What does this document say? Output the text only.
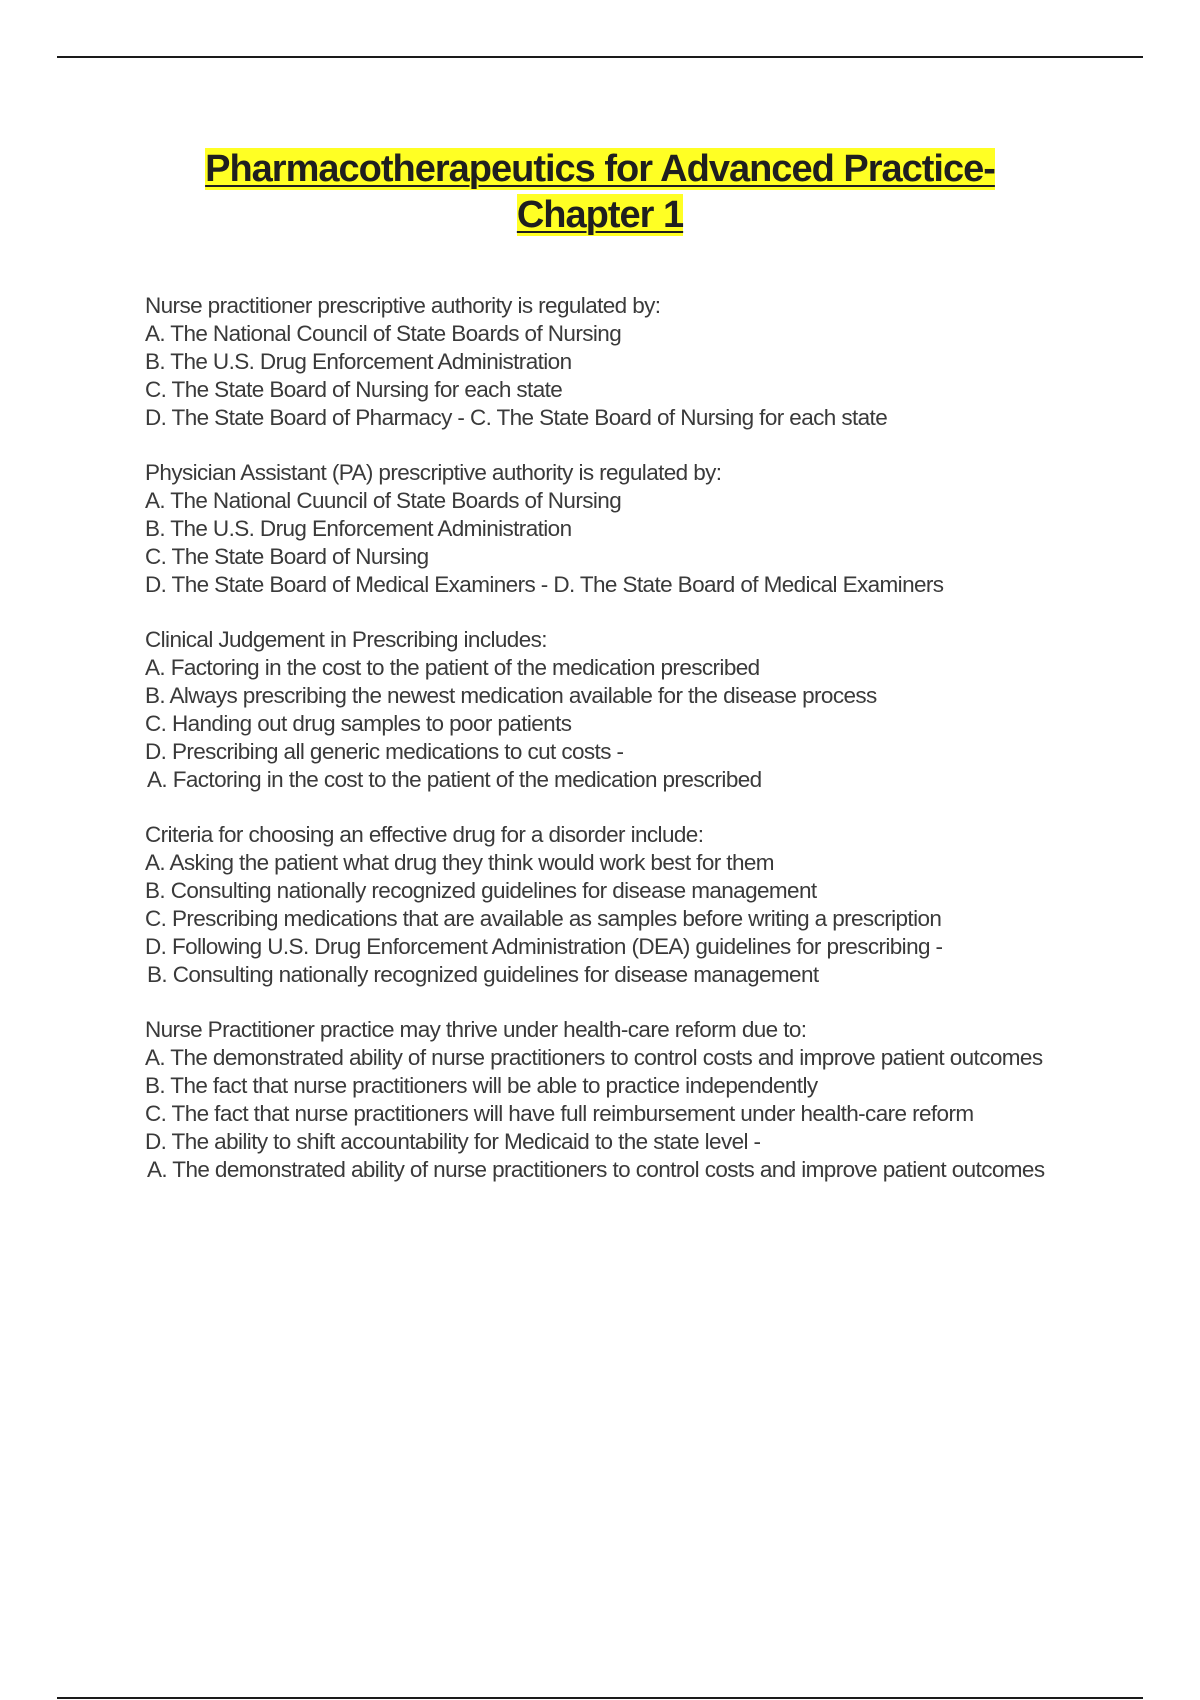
Pharmacotherapeutics for Advanced Practice-
Chapter 1
Nurse practitioner prescriptive authority is regulated by:
A. The National Council of State Boards of Nursing
B. The U.S. Drug Enforcement Administration
C. The State Board of Nursing for each state
D. The State Board of Pharmacy - C. The State Board of Nursing for each state
Physician Assistant (PA) prescriptive authority is regulated by:
A. The National Cuuncil of State Boards of Nursing
B. The U.S. Drug Enforcement Administration
C. The State Board of Nursing
D. The State Board of Medical Examiners - D. The State Board of Medical Examiners
Clinical Judgement in Prescribing includes:
A. Factoring in the cost to the patient of the medication prescribed
B. Always prescribing the newest medication available for the disease process
C. Handing out drug samples to poor patients
D. Prescribing all generic medications to cut costs -
A. Factoring in the cost to the patient of the medication prescribed
Criteria for choosing an effective drug for a disorder include:
A. Asking the patient what drug they think would work best for them
B. Consulting nationally recognized guidelines for disease management
C. Prescribing medications that are available as samples before writing a prescription
D. Following U.S. Drug Enforcement Administration (DEA) guidelines for prescribing -
B. Consulting nationally recognized guidelines for disease management
Nurse Practitioner practice may thrive under health-care reform due to:
A. The demonstrated ability of nurse practitioners to control costs and improve patient outcomes
B. The fact that nurse practitioners will be able to practice independently
C. The fact that nurse practitioners will have full reimbursement under health-care reform
D. The ability to shift accountability for Medicaid to the state level -
A. The demonstrated ability of nurse practitioners to control costs and improve patient outcomes
